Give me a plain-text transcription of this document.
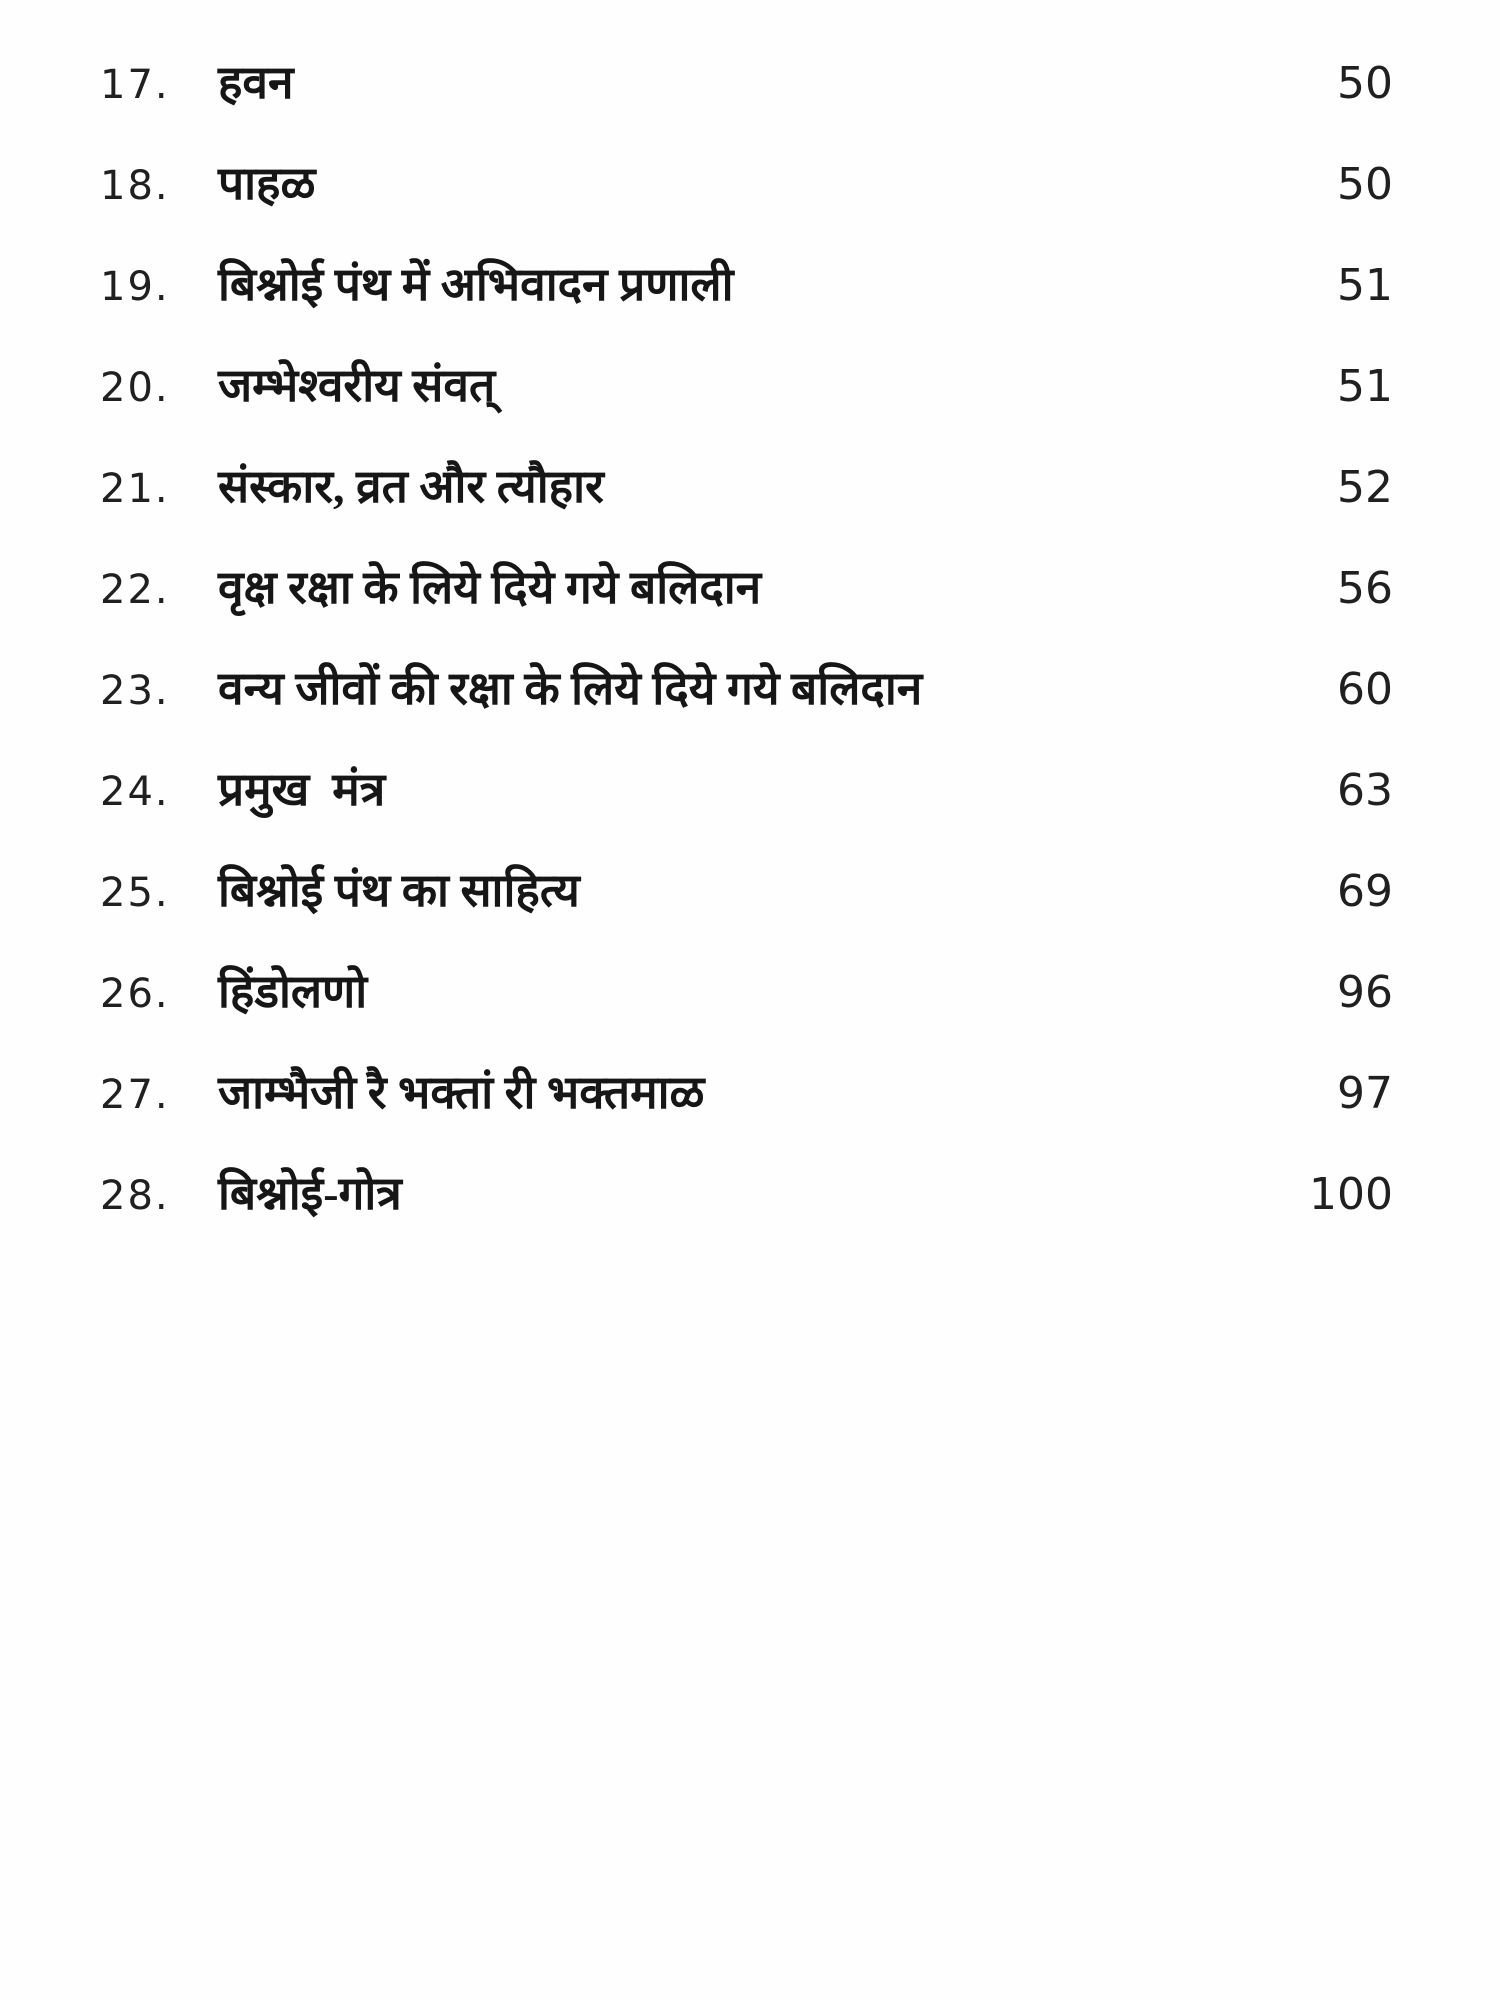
17.	हवन	50
18.	पाहळ	50
19.	बिश्नोई पंथ में अभिवादन प्रणाली	51
20.	जम्भेश्वरीय संवत्	51
21.	संस्कार, व्रत और त्यौहार	52
22.	वृक्ष रक्षा के लिये दिये गये बलिदान	56
23.	वन्य जीवों की रक्षा के लिये दिये गये बलिदान	60
24.	प्रमुख  मंत्र	63
25.	बिश्नोई पंथ का साहित्य	69
26.	हिंडोलणो	96
27.	जाम्भैजी रै भक्तां री भक्तमाळ	97
28.	बिश्नोई-गोत्र	100
